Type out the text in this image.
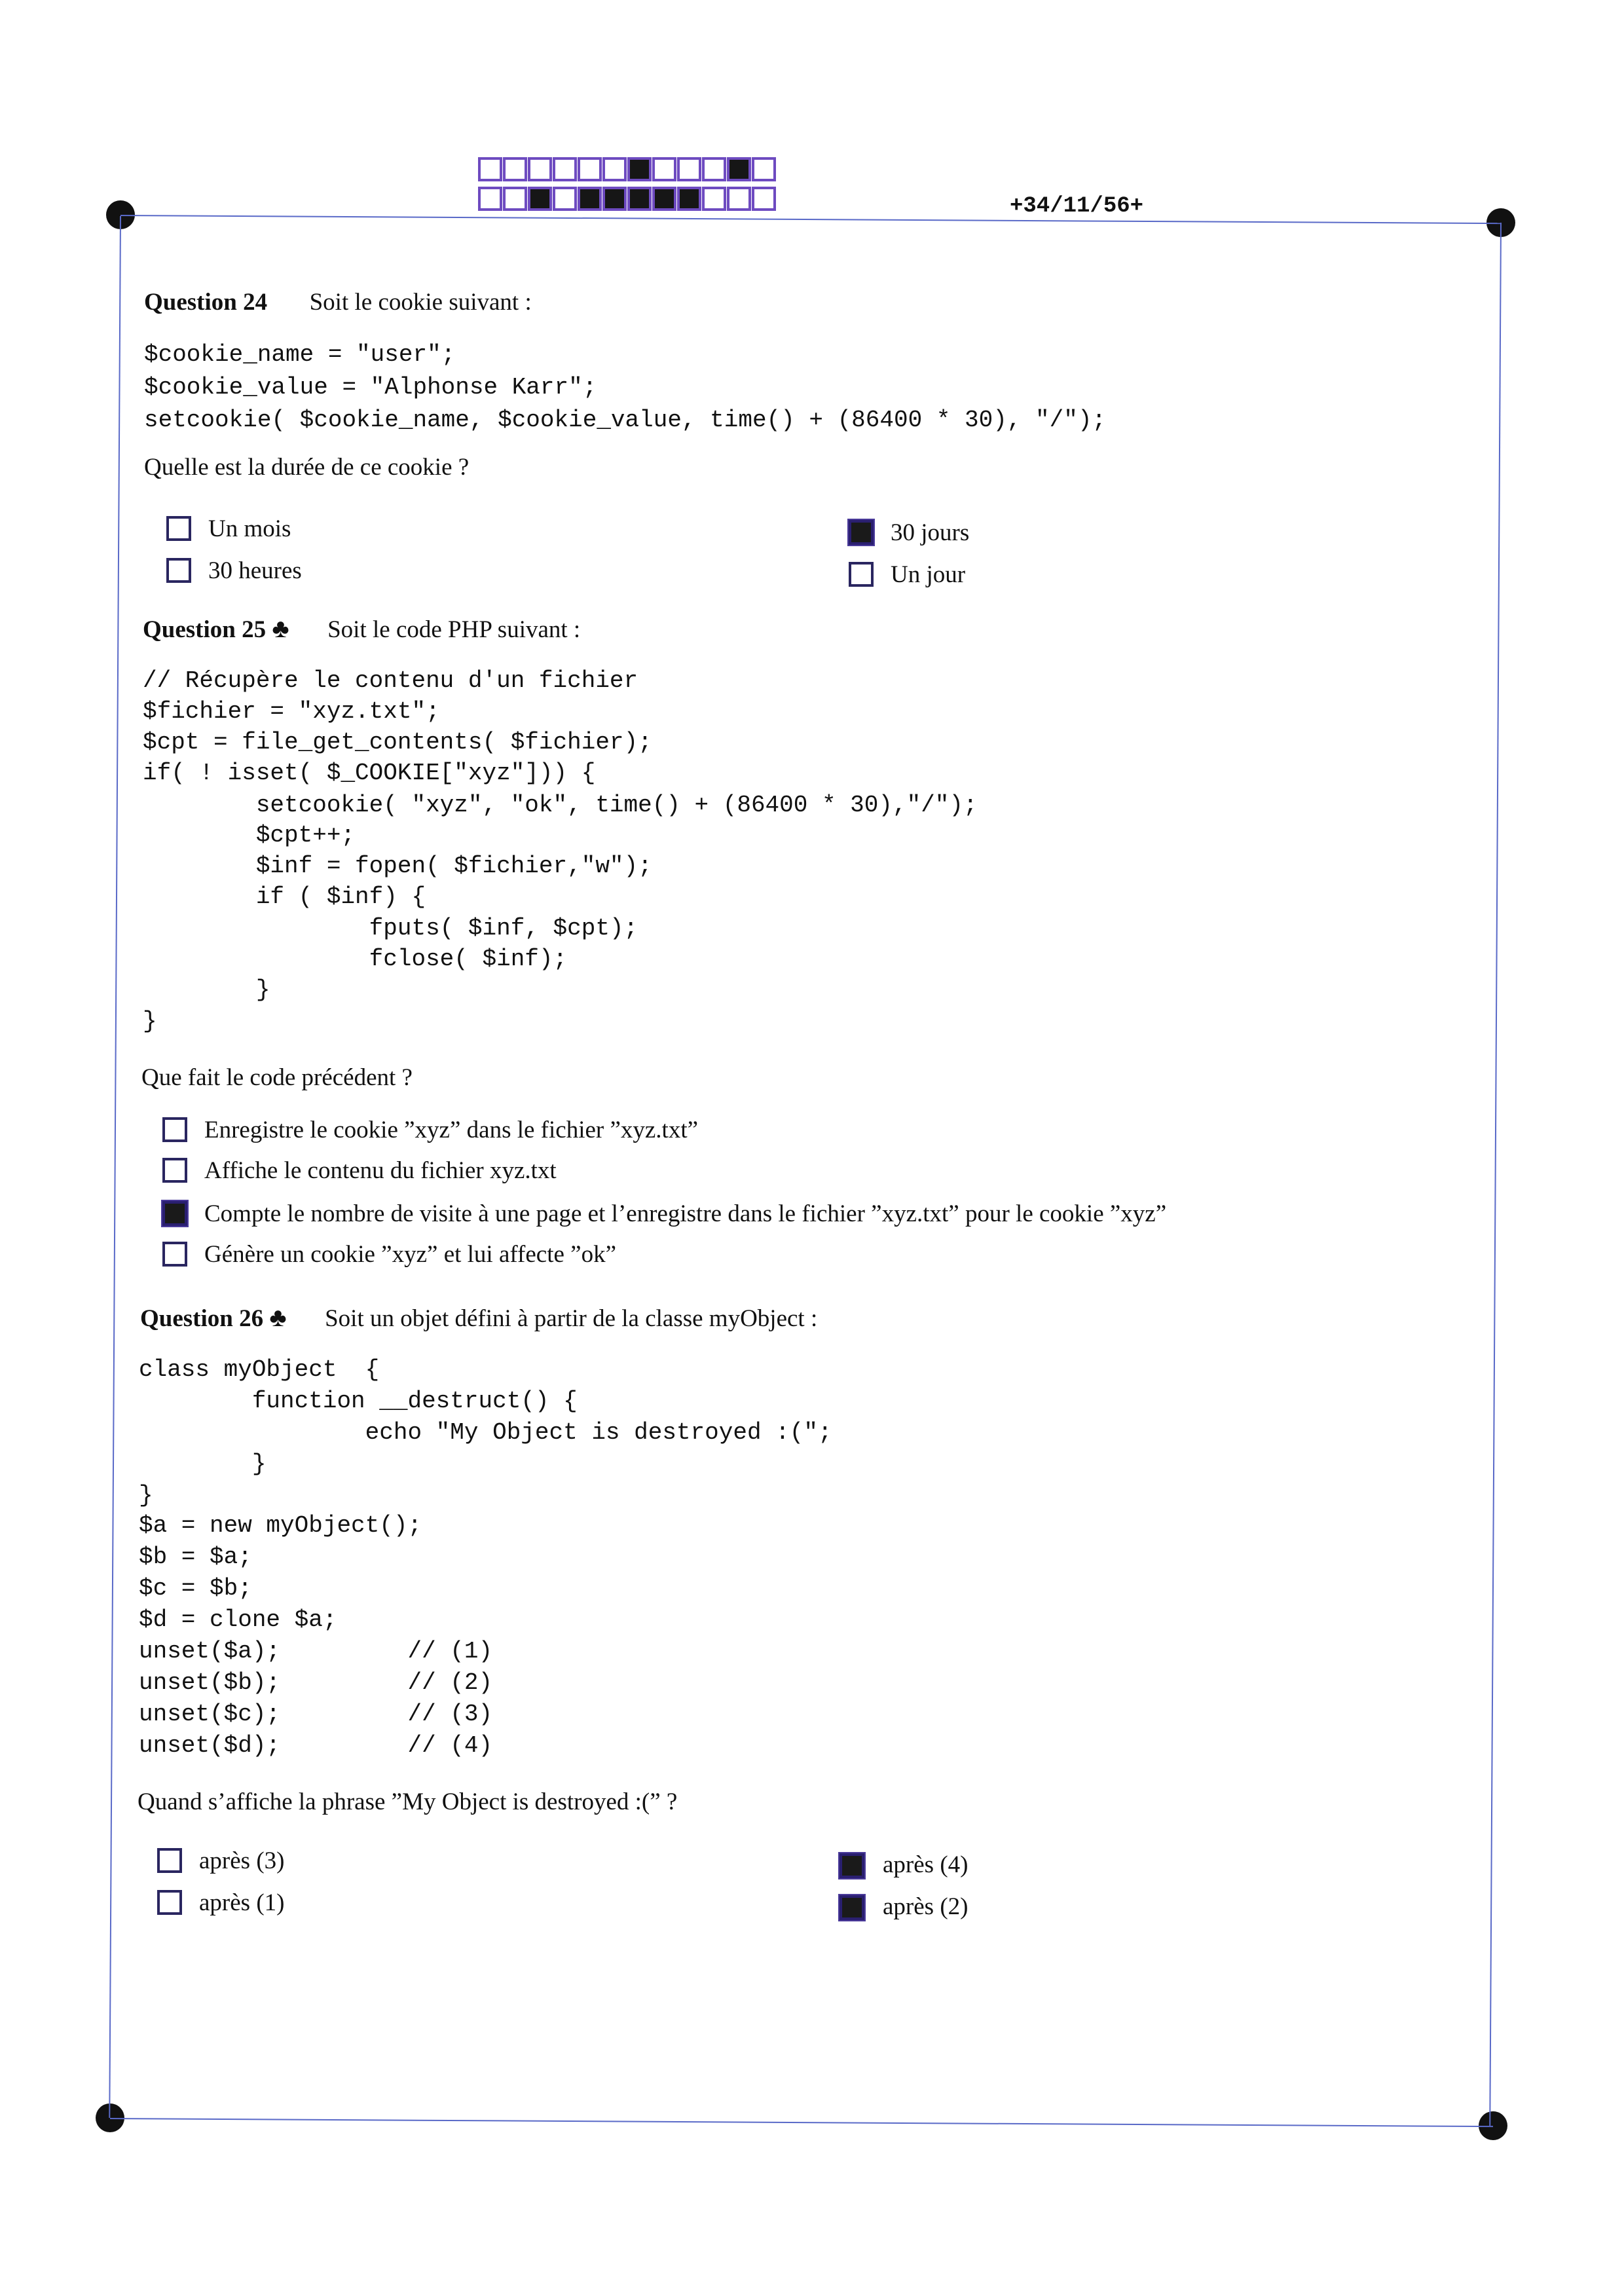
+34/11/56+
Question 24 Soit le cookie suivant :
$cookie_name = "user";
$cookie_value = "Alphonse Karr";
setcookie( $cookie_name, $cookie_value, time() + (86400 * 30), "/");
Quelle est la durée de ce cookie ?
Un mois
30 heures
30 jours
Un jour
Question 25 ♣ Soit le code PHP suivant :
// Récupère le contenu d'un fichier
$fichier = "xyz.txt";
$cpt = file_get_contents( $fichier);
if( ! isset( $_COOKIE["xyz"])) {
setcookie( "xyz", "ok", time() + (86400 * 30),"/");
$cpt++;
$inf = fopen( $fichier,"w");
if ( $inf) {
fputs( $inf, $cpt);
fclose( $inf);
}
}
Que fait le code précédent ?
Enregistre le cookie ”xyz” dans le fichier ”xyz.txt”
Affiche le contenu du fichier xyz.txt
Compte le nombre de visite à une page et l’enregistre dans le fichier ”xyz.txt” pour le cookie ”xyz”
Génère un cookie ”xyz” et lui affecte ”ok”
Question 26 ♣ Soit un objet défini à partir de la classe myObject :
class myObject  {
function __destruct() {
echo "My Object is destroyed :(";
}
}
$a = new myObject();
$b = $a;
$c = $b;
$d = clone $a;
unset($a);         // (1)
unset($b);         // (2)
unset($c);         // (3)
unset($d);         // (4)
Quand s’affiche la phrase ”My Object is destroyed :(” ?
après (3)
après (1)
après (4)
après (2)
